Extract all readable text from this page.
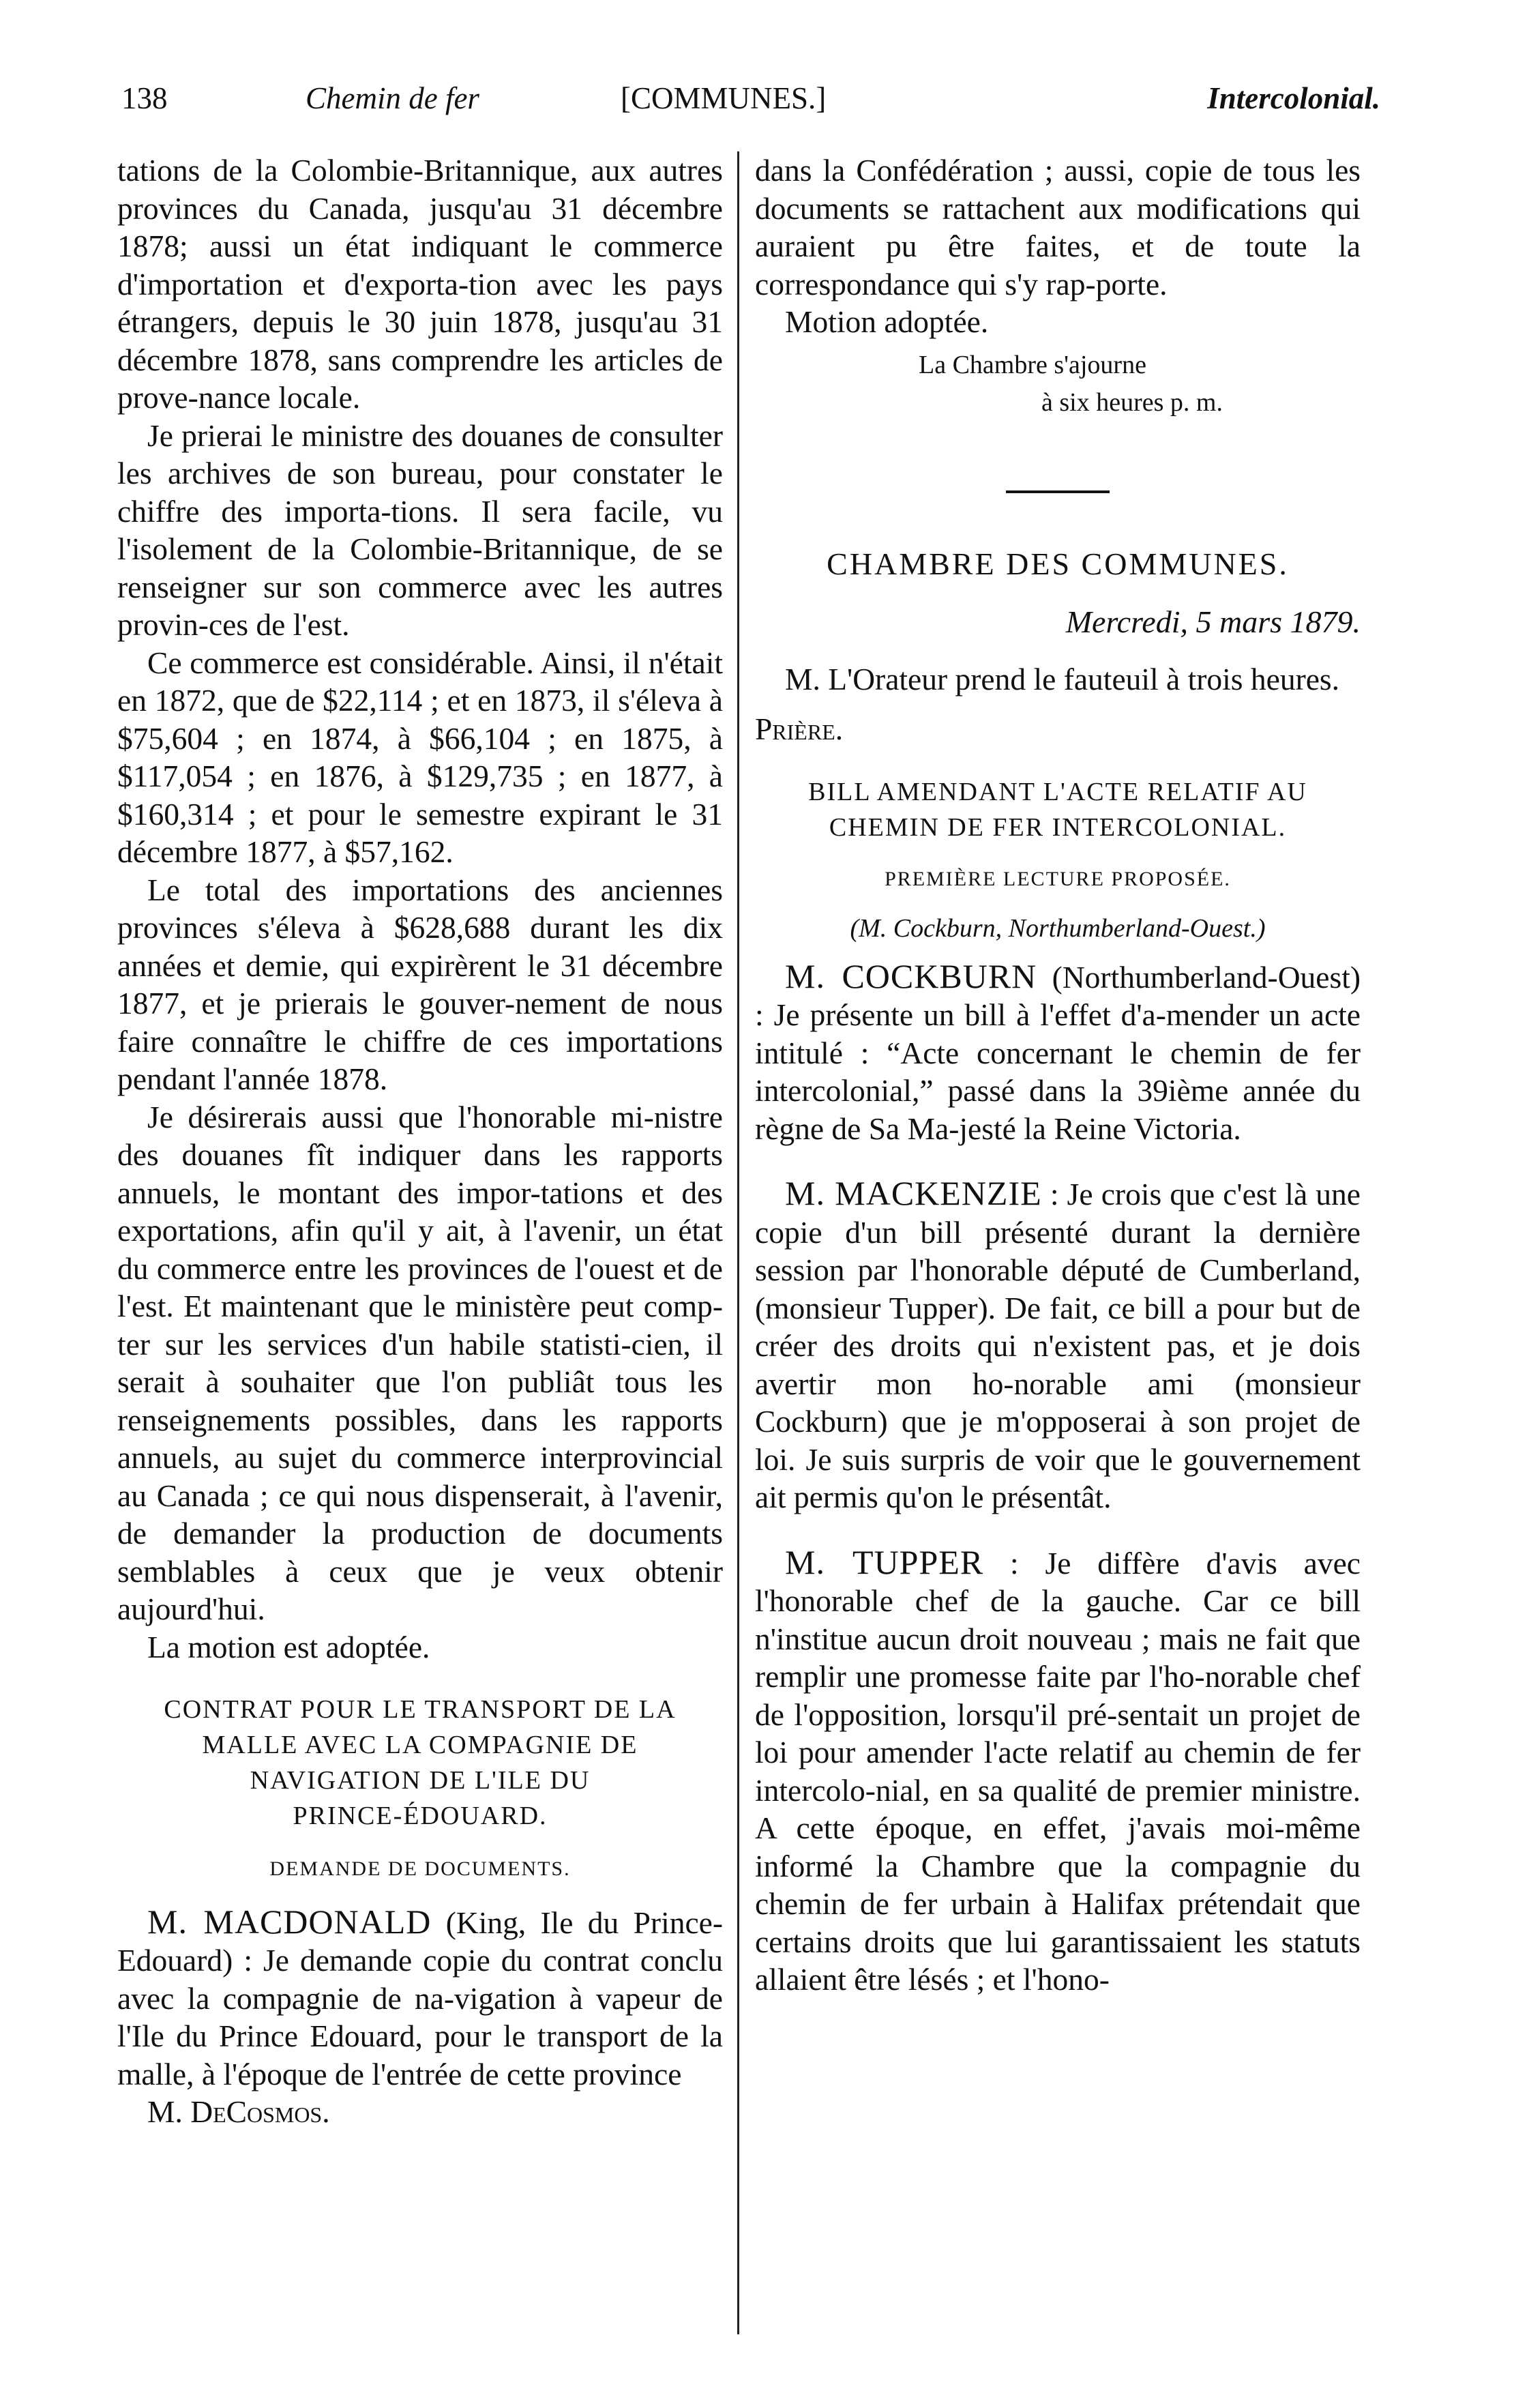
138	Chemin de fer	[COMMUNES.]	Intercolonial.

tations de la Colombie-Britannique, aux autres provinces du Canada, jusqu'au 31 décembre 1878; aussi un état indiquant le commerce d'importation et d'exporta-tion avec les pays étrangers, depuis le 30 juin 1878, jusqu'au 31 décembre 1878, sans comprendre les articles de prove-nance locale.

Je prierai le ministre des douanes de consulter les archives de son bureau, pour constater le chiffre des importa-tions. Il sera facile, vu l'isolement de la Colombie-Britannique, de se renseigner sur son commerce avec les autres provin-ces de l'est.

Ce commerce est considérable. Ainsi, il n'était en 1872, que de $22,114 ; et en 1873, il s'éleva à $75,604 ; en 1874, à $66,104 ; en 1875, à $117,054 ; en 1876, à $129,735 ; en 1877, à $160,314 ; et pour le semestre expirant le 31 décembre 1877, à $57,162.

Le total des importations des anciennes provinces s'éleva à $628,688 durant les dix années et demie, qui expirèrent le 31 décembre 1877, et je prierais le gouver-nement de nous faire connaître le chiffre de ces importations pendant l'année 1878.

Je désirerais aussi que l'honorable mi-nistre des douanes fît indiquer dans les rapports annuels, le montant des impor-tations et des exportations, afin qu'il y ait, à l'avenir, un état du commerce entre les provinces de l'ouest et de l'est. Et maintenant que le ministère peut comp-ter sur les services d'un habile statisti-cien, il serait à souhaiter que l'on publiât tous les renseignements possibles, dans les rapports annuels, au sujet du commerce interprovincial au Canada ; ce qui nous dispenserait, à l'avenir, de demander la production de documents semblables à ceux que je veux obtenir aujourd'hui.

La motion est adoptée.

CONTRAT POUR LE TRANSPORT DE LA

MALLE AVEC LA COMPAGNIE DE

NAVIGATION DE L'ILE DU

PRINCE-ÉDOUARD.

DEMANDE DE DOCUMENTS.

M. MACDONALD (King, Ile du Prince-Edouard) : Je demande copie du contrat conclu avec la compagnie de na-vigation à vapeur de l'Ile du Prince Edouard, pour le transport de la malle, à l'époque de l'entrée de cette province

M. DeCosmos.

dans la Confédération ; aussi, copie de tous les documents se rattachent aux modifications qui auraient pu être faites, et de toute la correspondance qui s'y rap-porte.

Motion adoptée.

La Chambre s'ajourne

à six heures p. m.

CHAMBRE DES COMMUNES.

Mercredi, 5 mars 1879.

M. L'Orateur prend le fauteuil à trois heures.

Prière.

BILL AMENDANT L'ACTE RELATIF AU

CHEMIN DE FER INTERCOLONIAL.

PREMIÈRE LECTURE PROPOSÉE.

(M. Cockburn, Northumberland-Ouest.)

M. COCKBURN (Northumberland-Ouest) : Je présente un bill à l'effet d'a-mender un acte intitulé : “Acte concernant le chemin de fer intercolonial,” passé dans la 39ième année du règne de Sa Ma-jesté la Reine Victoria.

M. MACKENZIE : Je crois que c'est là une copie d'un bill présenté durant la dernière session par l'honorable député de Cumberland, (monsieur Tupper). De fait, ce bill a pour but de créer des droits qui n'existent pas, et je dois avertir mon ho-norable ami (monsieur Cockburn) que je m'opposerai à son projet de loi. Je suis surpris de voir que le gouvernement ait permis qu'on le présentât.

M. TUPPER : Je diffère d'avis avec l'honorable chef de la gauche. Car ce bill n'institue aucun droit nouveau ; mais ne fait que remplir une promesse faite par l'ho-norable chef de l'opposition, lorsqu'il pré-sentait un projet de loi pour amender l'acte relatif au chemin de fer intercolo-nial, en sa qualité de premier ministre. A cette époque, en effet, j'avais moi-même informé la Chambre que la compagnie du chemin de fer urbain à Halifax prétendait que certains droits que lui garantissaient les statuts allaient être lésés ; et l'hono-
